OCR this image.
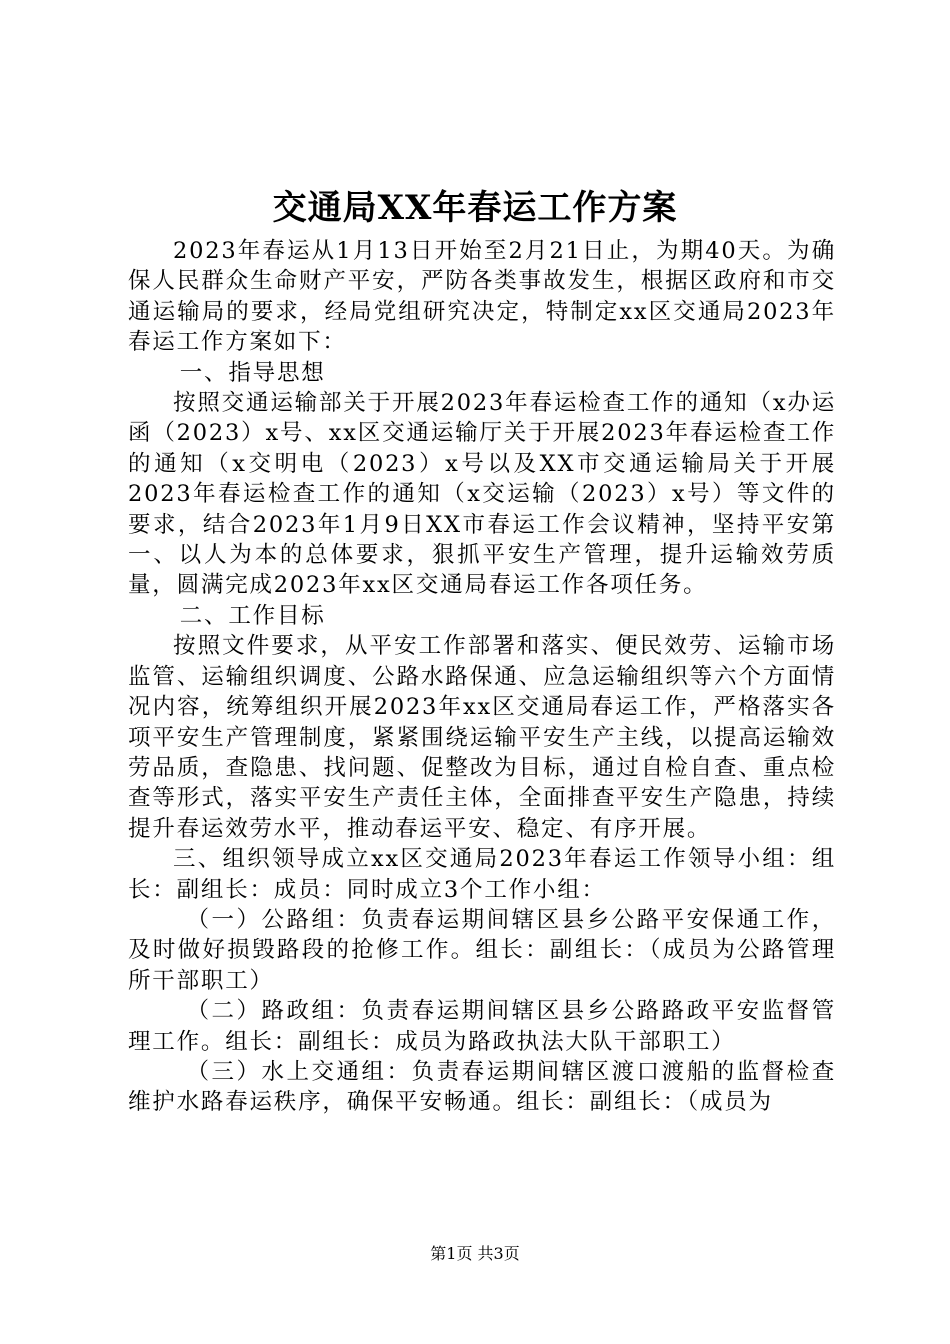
交通局XX年春运工作方案

2023年春运从1月13日开始至2月21日止，为期40天。为确保人民群众生命财产平安，严防各类事故发生，根据区政府和市交通运输局的要求，经局党组研究决定，特制定xx区交通局2023年春运工作方案如下：

一、指导思想

按照交通运输部关于开展2023年春运检查工作的通知（x办运函（2023）x号、xx区交通运输厅关于开展2023年春运检查工作的通知（x交明电（2023）x号以及XX市交通运输局关于开展2023年春运检查工作的通知（x交运输（2023）x号）等文件的要求，结合2023年1月9日XX市春运工作会议精神，坚持平安第一、以人为本的总体要求，狠抓平安生产管理，提升运输效劳质量，圆满完成2023年xx区交通局春运工作各项任务。

二、工作目标

按照文件要求，从平安工作部署和落实、便民效劳、运输市场监管、运输组织调度、公路水路保通、应急运输组织等六个方面情况内容，统筹组织开展2023年xx区交通局春运工作，严格落实各项平安生产管理制度，紧紧围绕运输平安生产主线，以提高运输效劳品质，查隐患、找问题、促整改为目标，通过自检自查、重点检查等形式，落实平安生产责任主体，全面排查平安生产隐患，持续提升春运效劳水平，推动春运平安、稳定、有序开展。

三、组织领导成立xx区交通局2023年春运工作领导小组：组长：副组长：成员：同时成立3个工作小组：

（一）公路组：负责春运期间辖区县乡公路平安保通工作，及时做好损毁路段的抢修工作。组长：副组长：（成员为公路管理所干部职工）

（二）路政组：负责春运期间辖区县乡公路路政平安监督管理工作。组长：副组长：成员为路政执法大队干部职工）

（三）水上交通组：负责春运期间辖区渡口渡船的监督检查维护水路春运秩序，确保平安畅通。组长：副组长：（成员为

第1页 共3页
